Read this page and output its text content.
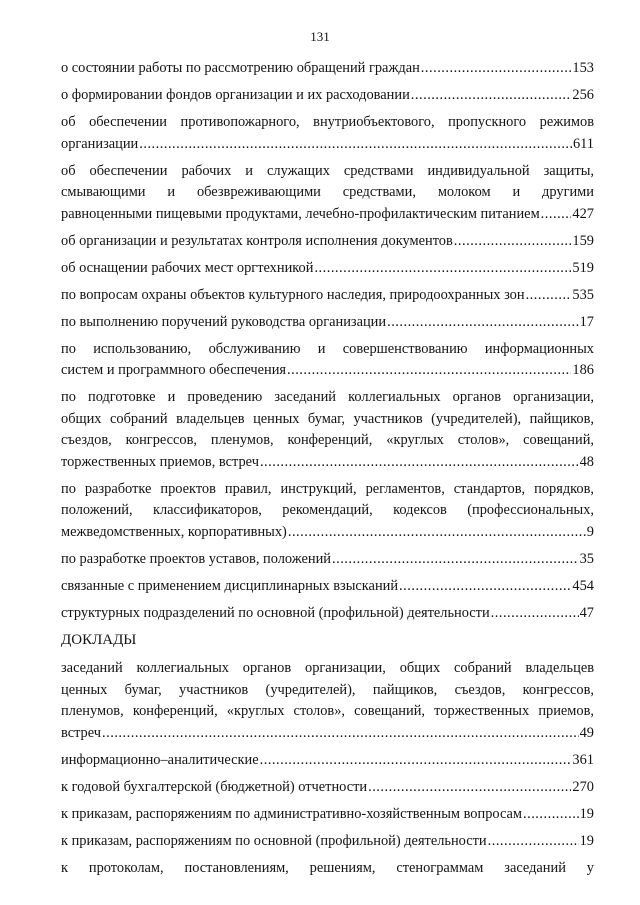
131
о состоянии работы по рассмотрению обращений граждан .....	153
о формировании фондов организации и их расходовании .....	256
об обеспечении противопожарного, внутриобъектового, пропускного режимов
организации .....	611
об обеспечении рабочих и служащих средствами индивидуальной защиты,
смывающими и обезвреживающими средствами, молоком и другими
равноценными пищевыми продуктами, лечебно-профилактическим питанием ..... 427
об организации и результатах контроля исполнения документов .....	159
об оснащении рабочих мест оргтехникой .....	519
по вопросам охраны объектов культурного наследия, природоохранных зон .....	535
по выполнению поручений руководства организации .....	17
по использованию, обслуживанию и совершенствованию информационных
систем и программного обеспечения .....	186
по подготовке и проведению заседаний коллегиальных органов организации,
общих собраний владельцев ценных бумаг, участников (учредителей), пайщиков,
съездов, конгрессов, пленумов, конференций, «круглых столов», совещаний,
торжественных приемов, встреч .....	48
по разработке проектов правил, инструкций, регламентов, стандартов, порядков,
положений, классификаторов, рекомендаций, кодексов (профессиональных,
межведомственных, корпоративных) .....	9
по разработке проектов уставов, положений .....	35
связанные с применением дисциплинарных взысканий .....	454
структурных подразделений по основной (профильной) деятельности .....	47
ДОКЛАДЫ
заседаний коллегиальных органов организации, общих собраний владельцев
ценных бумаг, участников (учредителей), пайщиков, съездов, конгрессов,
пленумов, конференций, «круглых столов», совещаний, торжественных приемов,
встреч .....	49
информационно–аналитические .....	361
к годовой бухгалтерской (бюджетной) отчетности .....	270
к приказам, распоряжениям по административно-хозяйственным вопросам .....	19
к приказам, распоряжениям по основной (профильной) деятельности .....	19
к протоколам, постановлениям, решениям, стенограммам заседаний у
